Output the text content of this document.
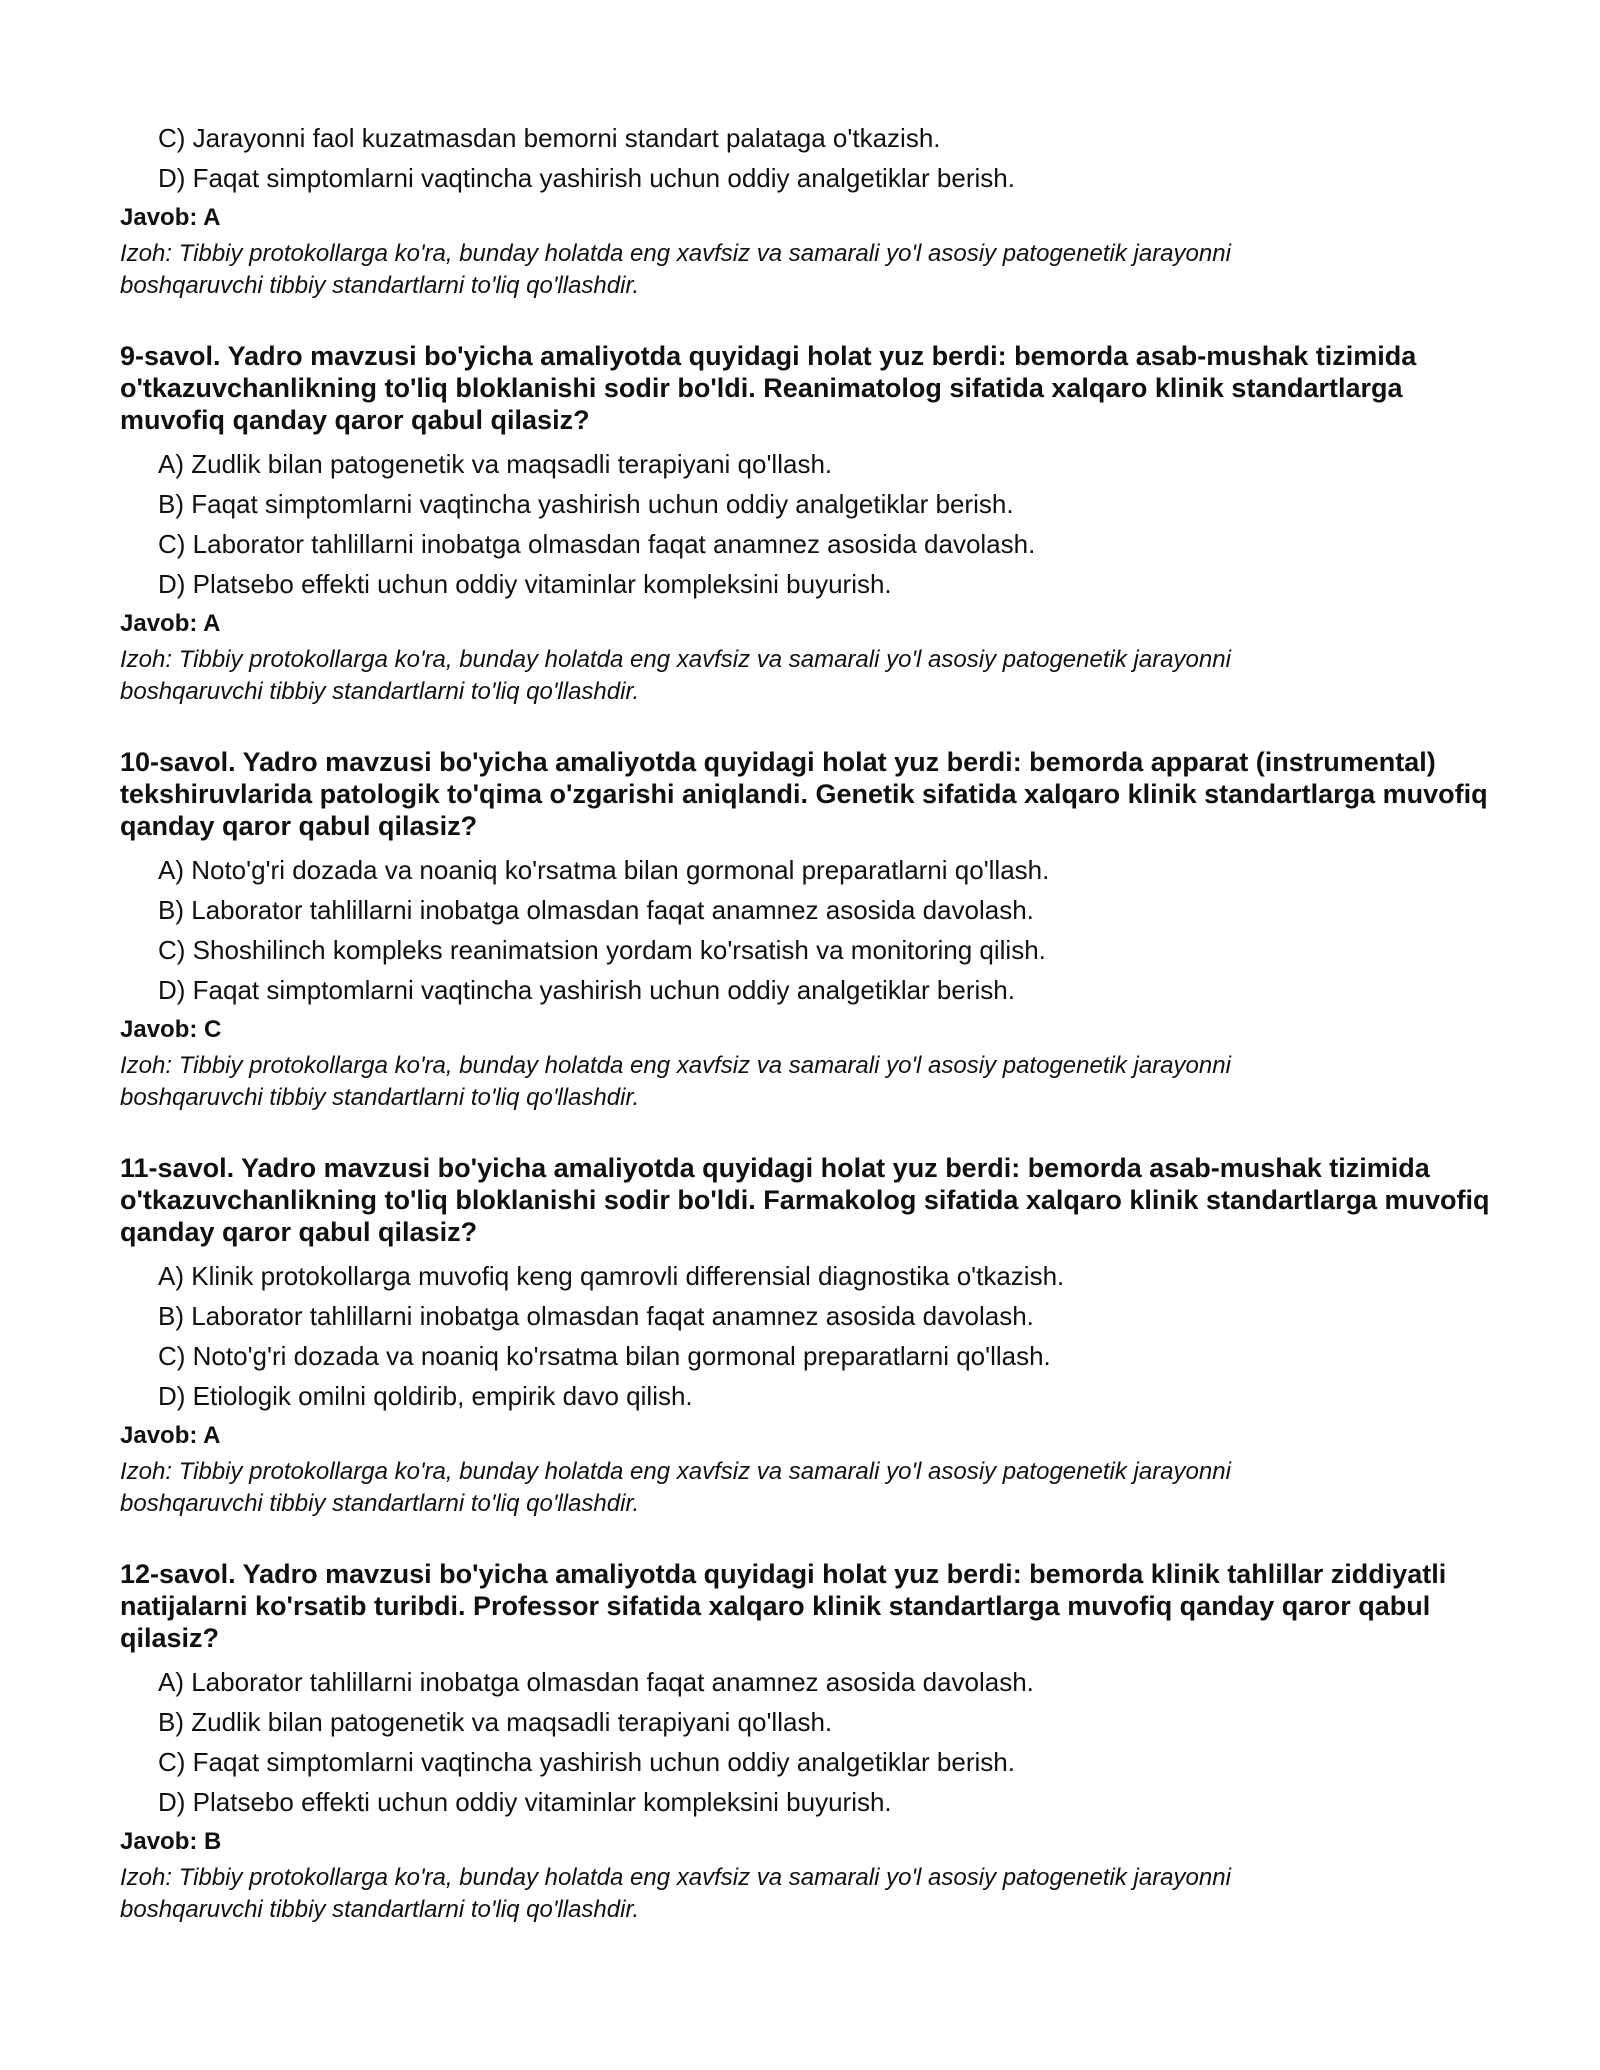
C) Jarayonni faol kuzatmasdan bemorni standart palataga o'tkazish.
D) Faqat simptomlarni vaqtincha yashirish uchun oddiy analgetiklar berish.
Javob: A
Izoh: Tibbiy protokollarga ko'ra, bunday holatda eng xavfsiz va samarali yo'l asosiy patogenetik jarayonni boshqaruvchi tibbiy standartlarni to'liq qo'llashdir.
9-savol. Yadro mavzusi bo'yicha amaliyotda quyidagi holat yuz berdi: bemorda asab-mushak tizimida o'tkazuvchanlikning to'liq bloklanishi sodir bo'ldi. Reanimatolog sifatida xalqaro klinik standartlarga muvofiq qanday qaror qabul qilasiz?
A) Zudlik bilan patogenetik va maqsadli terapiyani qo'llash.
B) Faqat simptomlarni vaqtincha yashirish uchun oddiy analgetiklar berish.
C) Laborator tahlillarni inobatga olmasdan faqat anamnez asosida davolash.
D) Platsebo effekti uchun oddiy vitaminlar kompleksini buyurish.
Javob: A
Izoh: Tibbiy protokollarga ko'ra, bunday holatda eng xavfsiz va samarali yo'l asosiy patogenetik jarayonni boshqaruvchi tibbiy standartlarni to'liq qo'llashdir.
10-savol. Yadro mavzusi bo'yicha amaliyotda quyidagi holat yuz berdi: bemorda apparat (instrumental) tekshiruvlarida patologik to'qima o'zgarishi aniqlandi. Genetik sifatida xalqaro klinik standartlarga muvofiq qanday qaror qabul qilasiz?
A) Noto'g'ri dozada va noaniq ko'rsatma bilan gormonal preparatlarni qo'llash.
B) Laborator tahlillarni inobatga olmasdan faqat anamnez asosida davolash.
C) Shoshilinch kompleks reanimatsion yordam ko'rsatish va monitoring qilish.
D) Faqat simptomlarni vaqtincha yashirish uchun oddiy analgetiklar berish.
Javob: C
Izoh: Tibbiy protokollarga ko'ra, bunday holatda eng xavfsiz va samarali yo'l asosiy patogenetik jarayonni boshqaruvchi tibbiy standartlarni to'liq qo'llashdir.
11-savol. Yadro mavzusi bo'yicha amaliyotda quyidagi holat yuz berdi: bemorda asab-mushak tizimida o'tkazuvchanlikning to'liq bloklanishi sodir bo'ldi. Farmakolog sifatida xalqaro klinik standartlarga muvofiq qanday qaror qabul qilasiz?
A) Klinik protokollarga muvofiq keng qamrovli differensial diagnostika o'tkazish.
B) Laborator tahlillarni inobatga olmasdan faqat anamnez asosida davolash.
C) Noto'g'ri dozada va noaniq ko'rsatma bilan gormonal preparatlarni qo'llash.
D) Etiologik omilni qoldirib, empirik davo qilish.
Javob: A
Izoh: Tibbiy protokollarga ko'ra, bunday holatda eng xavfsiz va samarali yo'l asosiy patogenetik jarayonni boshqaruvchi tibbiy standartlarni to'liq qo'llashdir.
12-savol. Yadro mavzusi bo'yicha amaliyotda quyidagi holat yuz berdi: bemorda klinik tahlillar ziddiyatli natijalarni ko'rsatib turibdi. Professor sifatida xalqaro klinik standartlarga muvofiq qanday qaror qabul qilasiz?
A) Laborator tahlillarni inobatga olmasdan faqat anamnez asosida davolash.
B) Zudlik bilan patogenetik va maqsadli terapiyani qo'llash.
C) Faqat simptomlarni vaqtincha yashirish uchun oddiy analgetiklar berish.
D) Platsebo effekti uchun oddiy vitaminlar kompleksini buyurish.
Javob: B
Izoh: Tibbiy protokollarga ko'ra, bunday holatda eng xavfsiz va samarali yo'l asosiy patogenetik jarayonni boshqaruvchi tibbiy standartlarni to'liq qo'llashdir.
